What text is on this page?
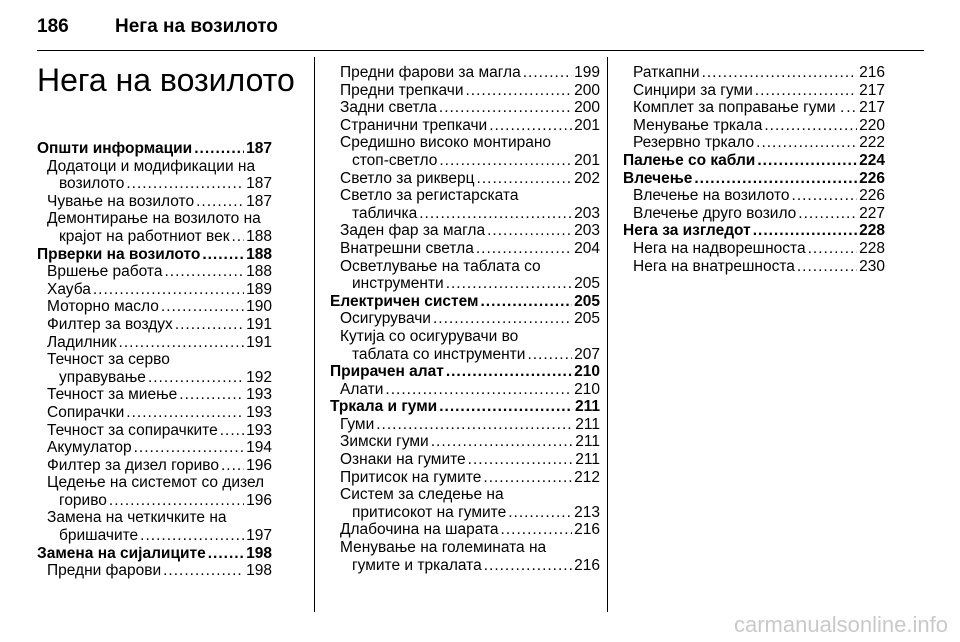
186 Нега на возилото
Нега на возилото
Општи информации .....	187
Додатоци и модификации на
возилото .....	187
Чување на возилото .....	187
Демонтирање на возилото на
крајот на работниот век ..... 188
Прверки на возилото .....	188
Вршење работа .....	188
Хауба .....	189
Моторно масло .....	190
Филтер за воздух .....	191
Ладилник .....	191
Течност за серво
управување .....	192
Течност за миење .....	193
Сопирачки .....	193
Течност за сопирачките ..... 193
Акумулатор .....	194
Филтер за дизел гориво ..... 196
Цедење на системот со дизел
гориво .....	196
Замена на четкичките на
бришачите .....	197
Замена на сијалиците .....	198
Предни фарови .....	198
Предни фарови за магла .....	199
Предни трепкачи .....	200
Задни светла .....	200
Странични трепкачи .....	201
Средишно високо монтирано
стоп-светло .....	201
Светло за рикверц .....	202
Светло за регистарската
табличка .....	203
Заден фар за магла .....	203
Внатрешни светла .....	204
Осветлување на таблата со
инструменти .....	205
Електричен систем .....	205
Осигурувачи .....	205
Кутија со осигурувачи во
таблата со инструменти .....	207
Прирачен алат .....	210
Алати .....	210
Тркала и гуми .....	211
Гуми .....	211
Зимски гуми .....	211
Ознаки на гумите .....	211
Притисок на гумите .....	212
Систем за следење на
притисокот на гумите .....	213
Длабочина на шарата .....	216
Менување на големината на
гумите и тркалата .....	216
Раткапни .....	216
Синџири за гуми .....	217
Комплет за поправање гуми . ..... 217
Менување тркала .....	220
Резервно тркало .....	222
Палење со кабли .....	224
Влечење .....	226
Влечење на возилото .....	226
Влечење друго возило .....	227
Нега за изгледот .....	228
Нега на надворешноста .....	228
Нега на внатрешноста .....	230
carmanualsonline.info
